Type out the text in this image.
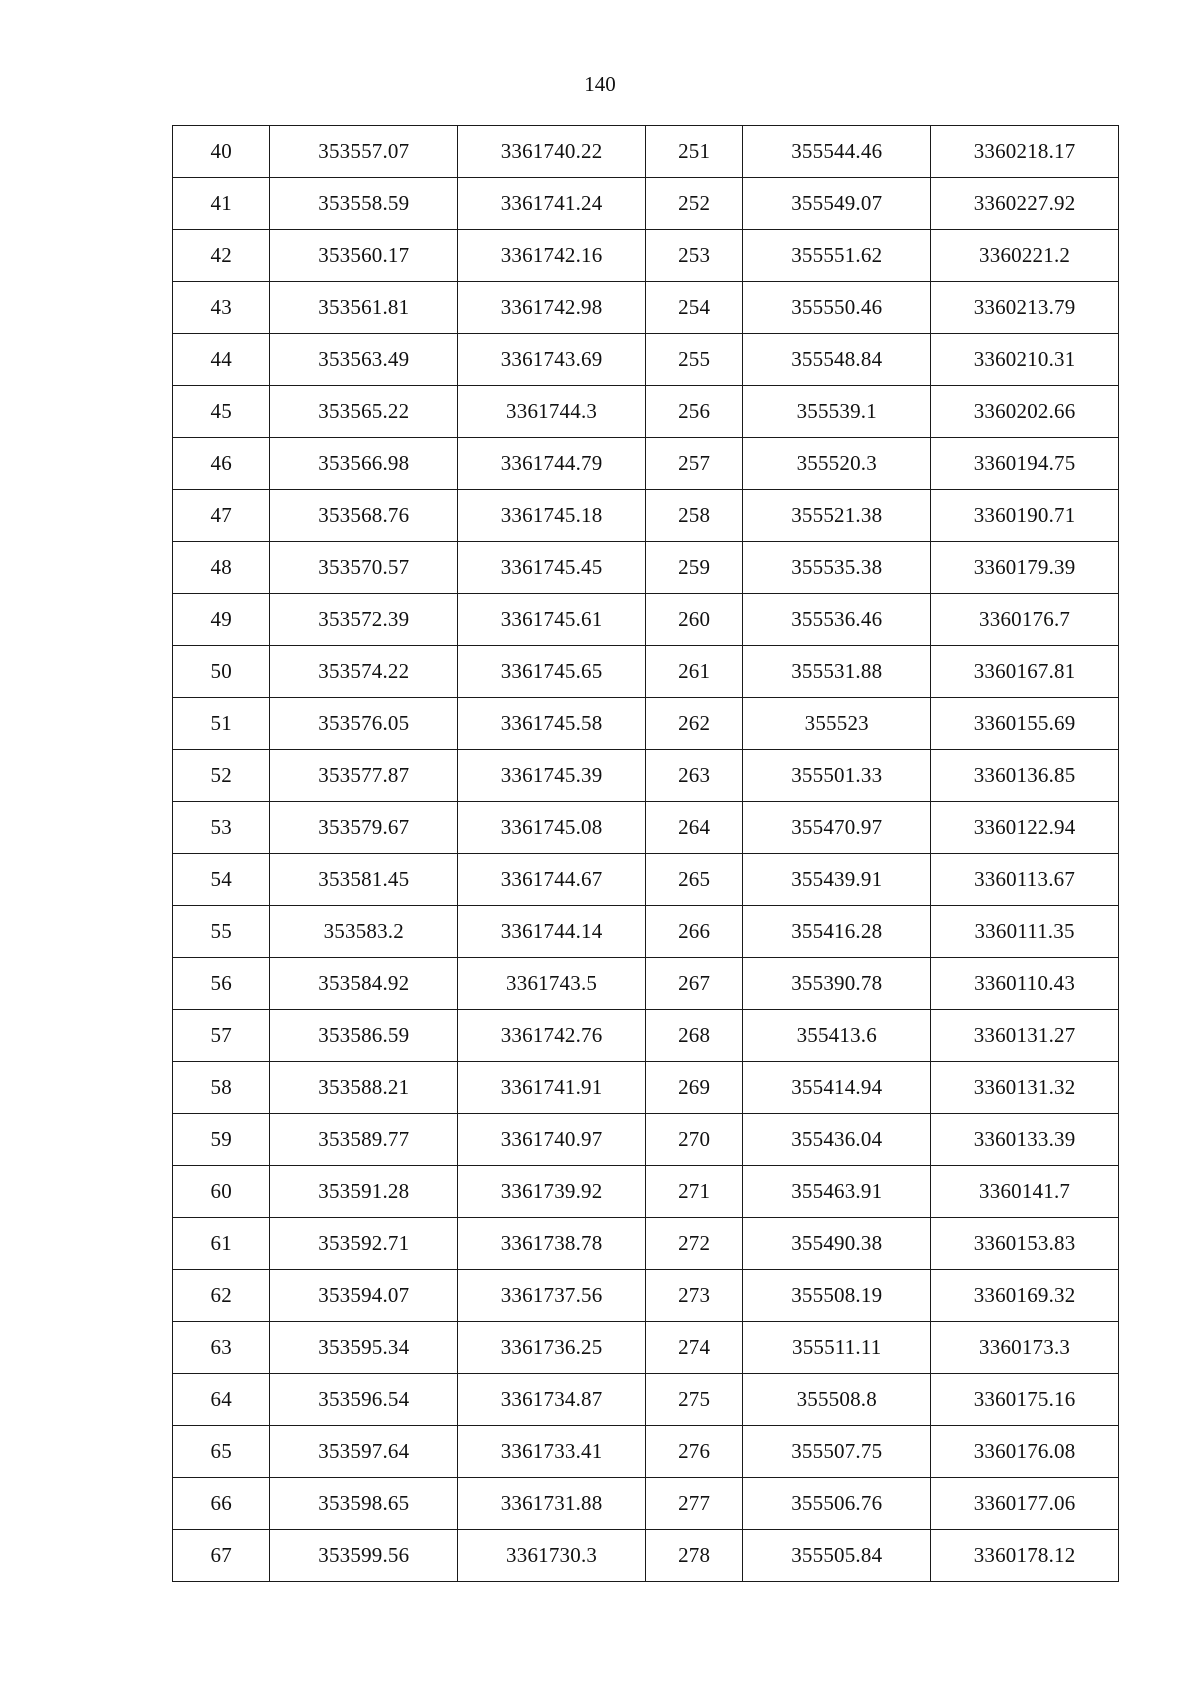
140
40	353557.07	3361740.22	251	355544.46	3360218.17
41	353558.59	3361741.24	252	355549.07	3360227.92
42	353560.17	3361742.16	253	355551.62	3360221.2
43	353561.81	3361742.98	254	355550.46	3360213.79
44	353563.49	3361743.69	255	355548.84	3360210.31
45	353565.22	3361744.3	256	355539.1	3360202.66
46	353566.98	3361744.79	257	355520.3	3360194.75
47	353568.76	3361745.18	258	355521.38	3360190.71
48	353570.57	3361745.45	259	355535.38	3360179.39
49	353572.39	3361745.61	260	355536.46	3360176.7
50	353574.22	3361745.65	261	355531.88	3360167.81
51	353576.05	3361745.58	262	355523	3360155.69
52	353577.87	3361745.39	263	355501.33	3360136.85
53	353579.67	3361745.08	264	355470.97	3360122.94
54	353581.45	3361744.67	265	355439.91	3360113.67
55	353583.2	3361744.14	266	355416.28	3360111.35
56	353584.92	3361743.5	267	355390.78	3360110.43
57	353586.59	3361742.76	268	355413.6	3360131.27
58	353588.21	3361741.91	269	355414.94	3360131.32
59	353589.77	3361740.97	270	355436.04	3360133.39
60	353591.28	3361739.92	271	355463.91	3360141.7
61	353592.71	3361738.78	272	355490.38	3360153.83
62	353594.07	3361737.56	273	355508.19	3360169.32
63	353595.34	3361736.25	274	355511.11	3360173.3
64	353596.54	3361734.87	275	355508.8	3360175.16
65	353597.64	3361733.41	276	355507.75	3360176.08
66	353598.65	3361731.88	277	355506.76	3360177.06
67	353599.56	3361730.3	278	355505.84	3360178.12
